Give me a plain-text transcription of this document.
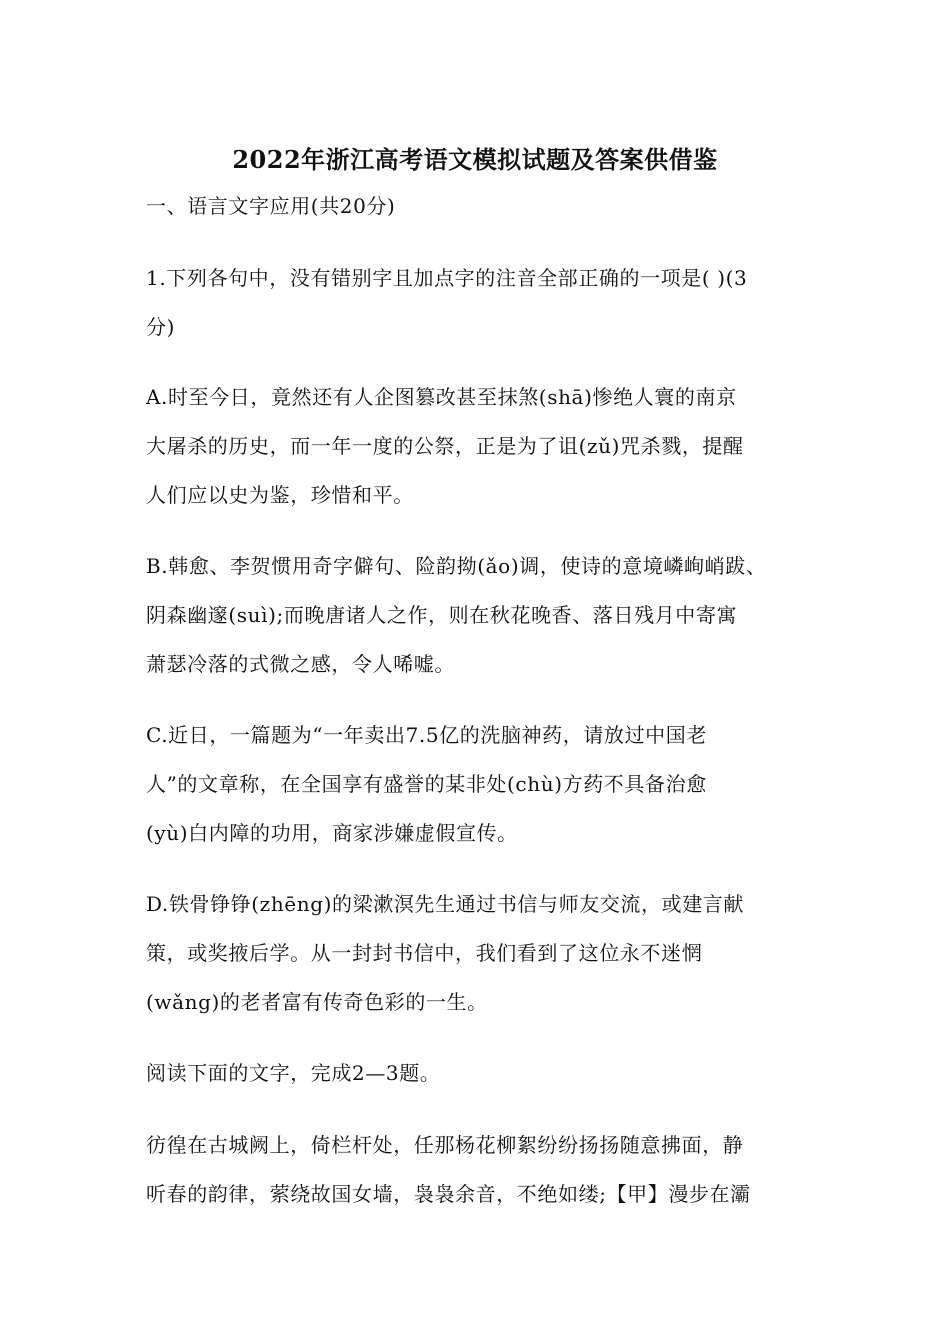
2022年浙江高考语文模拟试题及答案供借鉴
一、语言文字应用(共20分)
1.下列各句中，没有错别字且加点字的注音全部正确的一项是( )(3
分)
A.时至今日，竟然还有人企图篡改甚至抹煞(shā)惨绝人寰的南京
大屠杀的历史，而一年一度的公祭，正是为了诅(zǔ)咒杀戮，提醒
人们应以史为鉴，珍惜和平。
B.韩愈、李贺惯用奇字僻句、险韵拗(ǎo)调，使诗的意境嶙峋峭跋、
阴森幽邃(suì);而晚唐诸人之作，则在秋花晚香、落日残月中寄寓
萧瑟冷落的式微之感，令人唏嘘。
C.近日，一篇题为“一年卖出7.5亿的洗脑神药，请放过中国老
人”的文章称，在全国享有盛誉的某非处(chù)方药不具备治愈
(yù)白内障的功用，商家涉嫌虚假宣传。
D.铁骨铮铮(zhēng)的梁漱溟先生通过书信与师友交流，或建言献
策，或奖掖后学。从一封封书信中，我们看到了这位永不迷惘
(wǎng)的老者富有传奇色彩的一生。
阅读下面的文字，完成2—3题。
彷徨在古城阙上，倚栏杆处，任那杨花柳絮纷纷扬扬随意拂面，静
听春的韵律，萦绕故国女墙，袅袅余音，不绝如缕;【甲】漫步在灞
